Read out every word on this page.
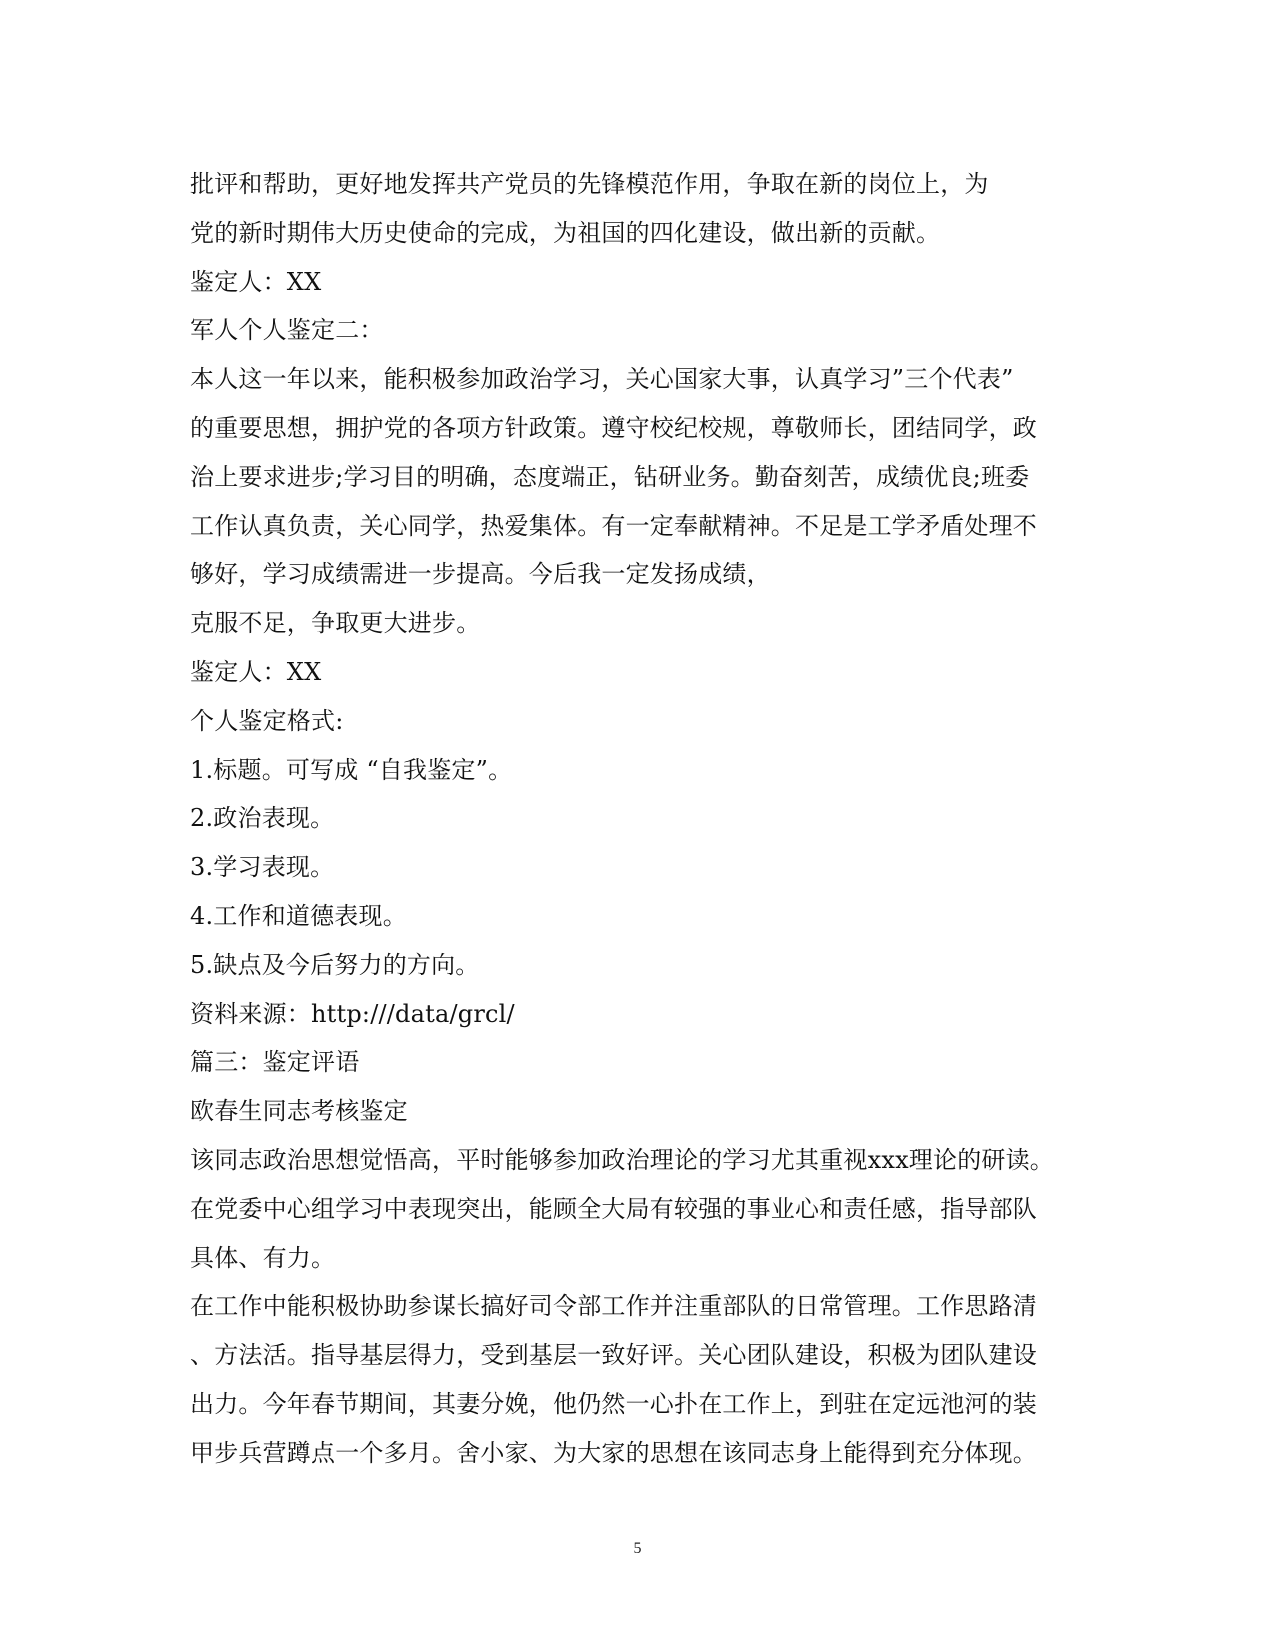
批评和帮助，更好地发挥共产党员的先锋模范作用，争取在新的岗位上，为
党的新时期伟大历史使命的完成，为祖国的四化建设，做出新的贡献。
鉴定人：XX
军人个人鉴定二：
本人这一年以来，能积极参加政治学习，关心国家大事，认真学习”三个代表”
的重要思想，拥护党的各项方针政策。遵守校纪校规，尊敬师长，团结同学，政
治上要求进步;学习目的明确，态度端正，钻研业务。勤奋刻苦，成绩优良;班委
工作认真负责，关心同学，热爱集体。有一定奉献精神。不足是工学矛盾处理不
够好，学习成绩需进一步提高。今后我一定发扬成绩，
克服不足，争取更大进步。
鉴定人：XX
个人鉴定格式:
1.标题。可写成 “自我鉴定”。
2.政治表现。
3.学习表现。
4.工作和道德表现。
5.缺点及今后努力的方向。
资料来源：http:///data/grcl/
篇三：鉴定评语
欧春生同志考核鉴定
该同志政治思想觉悟高，平时能够参加政治理论的学习尤其重视xxx理论的研读。
在党委中心组学习中表现突出，能顾全大局有较强的事业心和责任感，指导部队
具体、有力。
在工作中能积极协助参谋长搞好司令部工作并注重部队的日常管理。工作思路清
、方法活。指导基层得力，受到基层一致好评。关心团队建设，积极为团队建设
出力。今年春节期间，其妻分娩，他仍然一心扑在工作上，到驻在定远池河的装
甲步兵营蹲点一个多月。舍小家、为大家的思想在该同志身上能得到充分体现。
5
